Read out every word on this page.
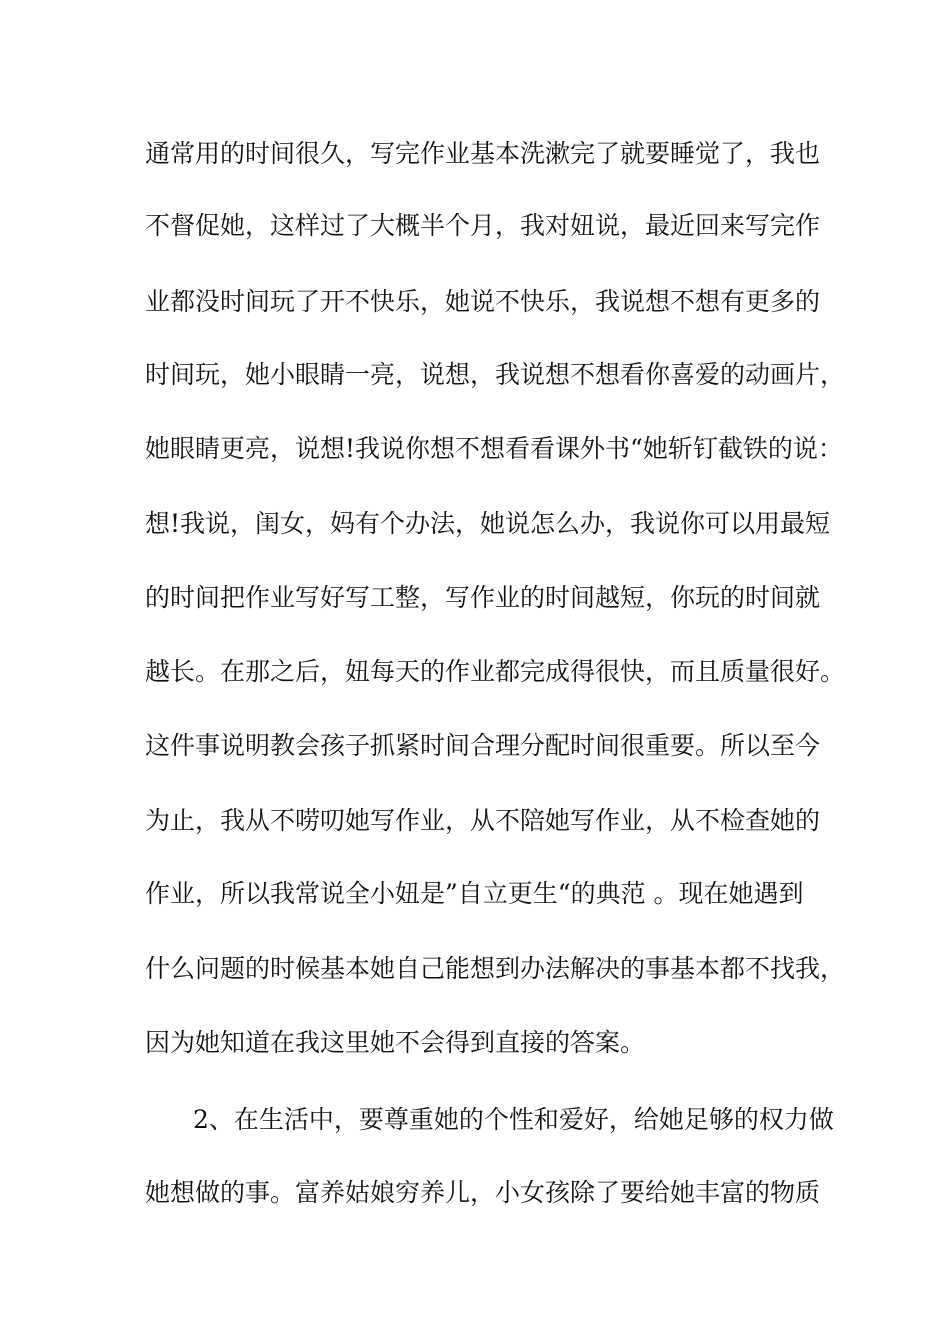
通常用的时间很久，写完作业基本洗漱完了就要睡觉了，我也
不督促她，这样过了大概半个月，我对妞说，最近回来写完作
业都没时间玩了开不快乐，她说不快乐，我说想不想有更多的
时间玩，她小眼睛一亮，说想，我说想不想看你喜爱的动画片，
她眼睛更亮，说想!我说你想不想看看课外书“她斩钉截铁的说：
想!我说，闺女，妈有个办法，她说怎么办，我说你可以用最短
的时间把作业写好写工整，写作业的时间越短，你玩的时间就
越长。在那之后，妞每天的作业都完成得很快，而且质量很好。
这件事说明教会孩子抓紧时间合理分配时间很重要。所以至今
为止，我从不唠叨她写作业，从不陪她写作业，从不检查她的
作业，所以我常说全小妞是”自立更生“的典范 。现在她遇到
什么问题的时候基本她自己能想到办法解决的事基本都不找我，
因为她知道在我这里她不会得到直接的答案。
2、在生活中，要尊重她的个性和爱好，给她足够的权力做
她想做的事。富养姑娘穷养儿，小女孩除了要给她丰富的物质
